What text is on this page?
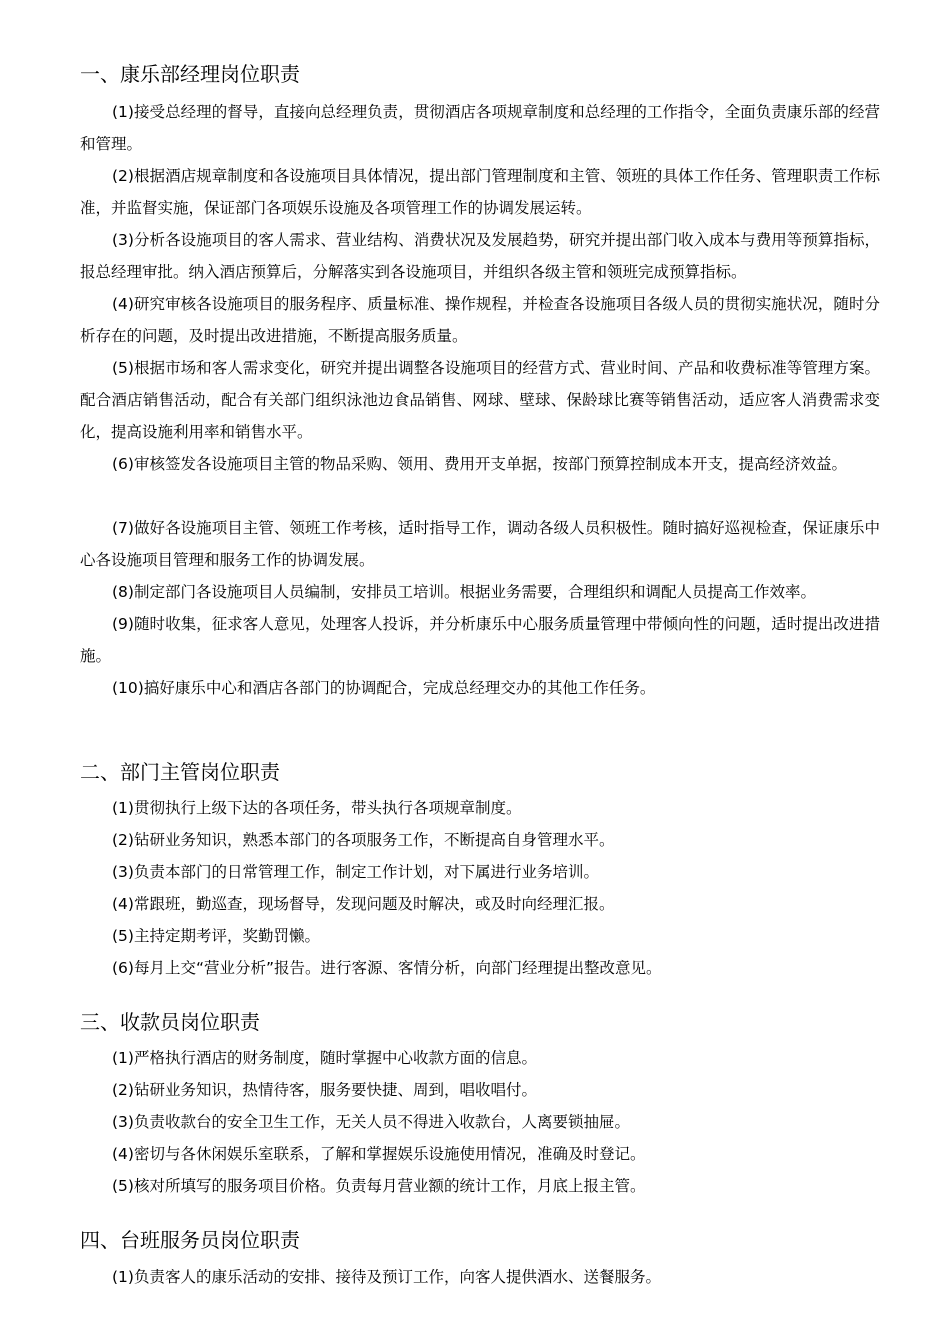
一、康乐部经理岗位职责

(1)接受总经理的督导，直接向总经理负责，贯彻酒店各项规章制度和总经理的工作指令，全面负责康乐部的经营和管理。

(2)根据酒店规章制度和各设施项目具体情况，提出部门管理制度和主管、领班的具体工作任务、管理职责工作标准，并监督实施，保证部门各项娱乐设施及各项管理工作的协调发展运转。

(3)分析各设施项目的客人需求、营业结构、消费状况及发展趋势，研究并提出部门收入成本与费用等预算指标，报总经理审批。纳入酒店预算后，分解落实到各设施项目，并组织各级主管和领班完成预算指标。

(4)研究审核各设施项目的服务程序、质量标准、操作规程，并检查各设施项目各级人员的贯彻实施状况，随时分析存在的问题，及时提出改进措施，不断提高服务质量。

(5)根据市场和客人需求变化，研究并提出调整各设施项目的经营方式、营业时间、产品和收费标准等管理方案。配合酒店销售活动，配合有关部门组织泳池边食品销售、网球、壁球、保龄球比赛等销售活动，适应客人消费需求变化，提高设施利用率和销售水平。

(6)审核签发各设施项目主管的物品采购、领用、费用开支单据，按部门预算控制成本开支，提高经济效益。

(7)做好各设施项目主管、领班工作考核，适时指导工作，调动各级人员积极性。随时搞好巡视检查，保证康乐中心各设施项目管理和服务工作的协调发展。

(8)制定部门各设施项目人员编制，安排员工培训。根据业务需要，合理组织和调配人员提高工作效率。

(9)随时收集，征求客人意见，处理客人投诉，并分析康乐中心服务质量管理中带倾向性的问题，适时提出改进措施。

(10)搞好康乐中心和酒店各部门的协调配合，完成总经理交办的其他工作任务。

二、部门主管岗位职责

(1)贯彻执行上级下达的各项任务，带头执行各项规章制度。

(2)钻研业务知识，熟悉本部门的各项服务工作，不断提高自身管理水平。

(3)负责本部门的日常管理工作，制定工作计划，对下属进行业务培训。

(4)常跟班，勤巡查，现场督导，发现问题及时解决，或及时向经理汇报。

(5)主持定期考评，奖勤罚懒。

(6)每月上交“营业分析”报告。进行客源、客情分析，向部门经理提出整改意见。

三、收款员岗位职责

(1)严格执行酒店的财务制度，随时掌握中心收款方面的信息。

(2)钻研业务知识，热情待客，服务要快捷、周到，唱收唱付。

(3)负责收款台的安全卫生工作，无关人员不得进入收款台，人离要锁抽屉。

(4)密切与各休闲娱乐室联系，了解和掌握娱乐设施使用情况，准确及时登记。

(5)核对所填写的服务项目价格。负责每月营业额的统计工作，月底上报主管。

四、台班服务员岗位职责

(1)负责客人的康乐活动的安排、接待及预订工作，向客人提供酒水、送餐服务。
